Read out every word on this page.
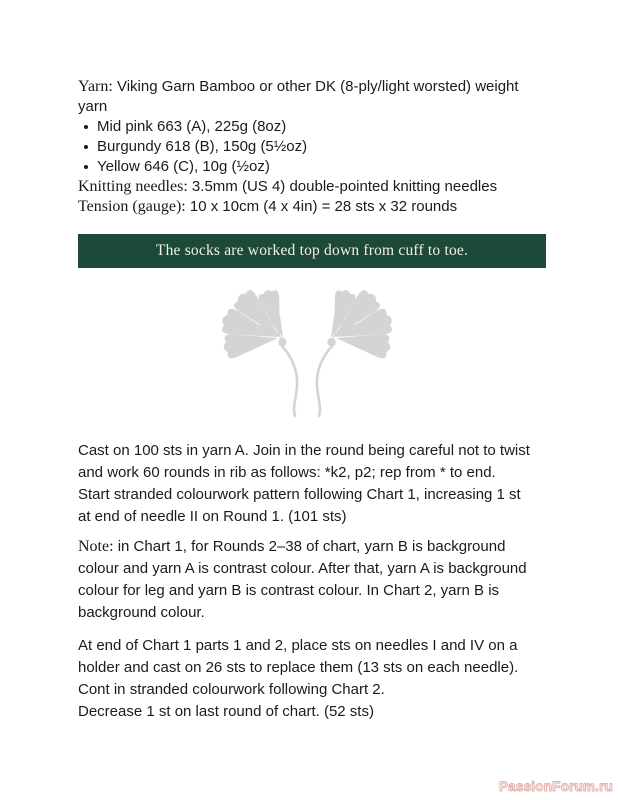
Yarn: Viking Garn Bamboo or other DK (8-ply/light worsted) weight
yarn
Mid pink 663 (A), 225g (8oz)
Burgundy 618 (B), 150g (5½oz)
Yellow 646 (C), 10g (½oz)
Knitting needles: 3.5mm (US 4) double-pointed knitting needles
Tension (gauge): 10 x 10cm (4 x 4in) = 28 sts x 32 rounds
The socks are worked top down from cuff to toe.
Cast on 100 sts in yarn A. Join in the round being careful not to twist
and work 60 rounds in rib as follows: *k2, p2; rep from * to end.
Start stranded colourwork pattern following Chart 1, increasing 1 st
at end of needle II on Round 1. (101 sts)
Note: in Chart 1, for Rounds 2–38 of chart, yarn B is background
colour and yarn A is contrast colour. After that, yarn A is background
colour for leg and yarn B is contrast colour. In Chart 2, yarn B is
background colour.
At end of Chart 1 parts 1 and 2, place sts on needles I and IV on a
holder and cast on 26 sts to replace them (13 sts on each needle).
Cont in stranded colourwork following Chart 2.
Decrease 1 st on last round of chart. (52 sts)
PassionForum.ru
